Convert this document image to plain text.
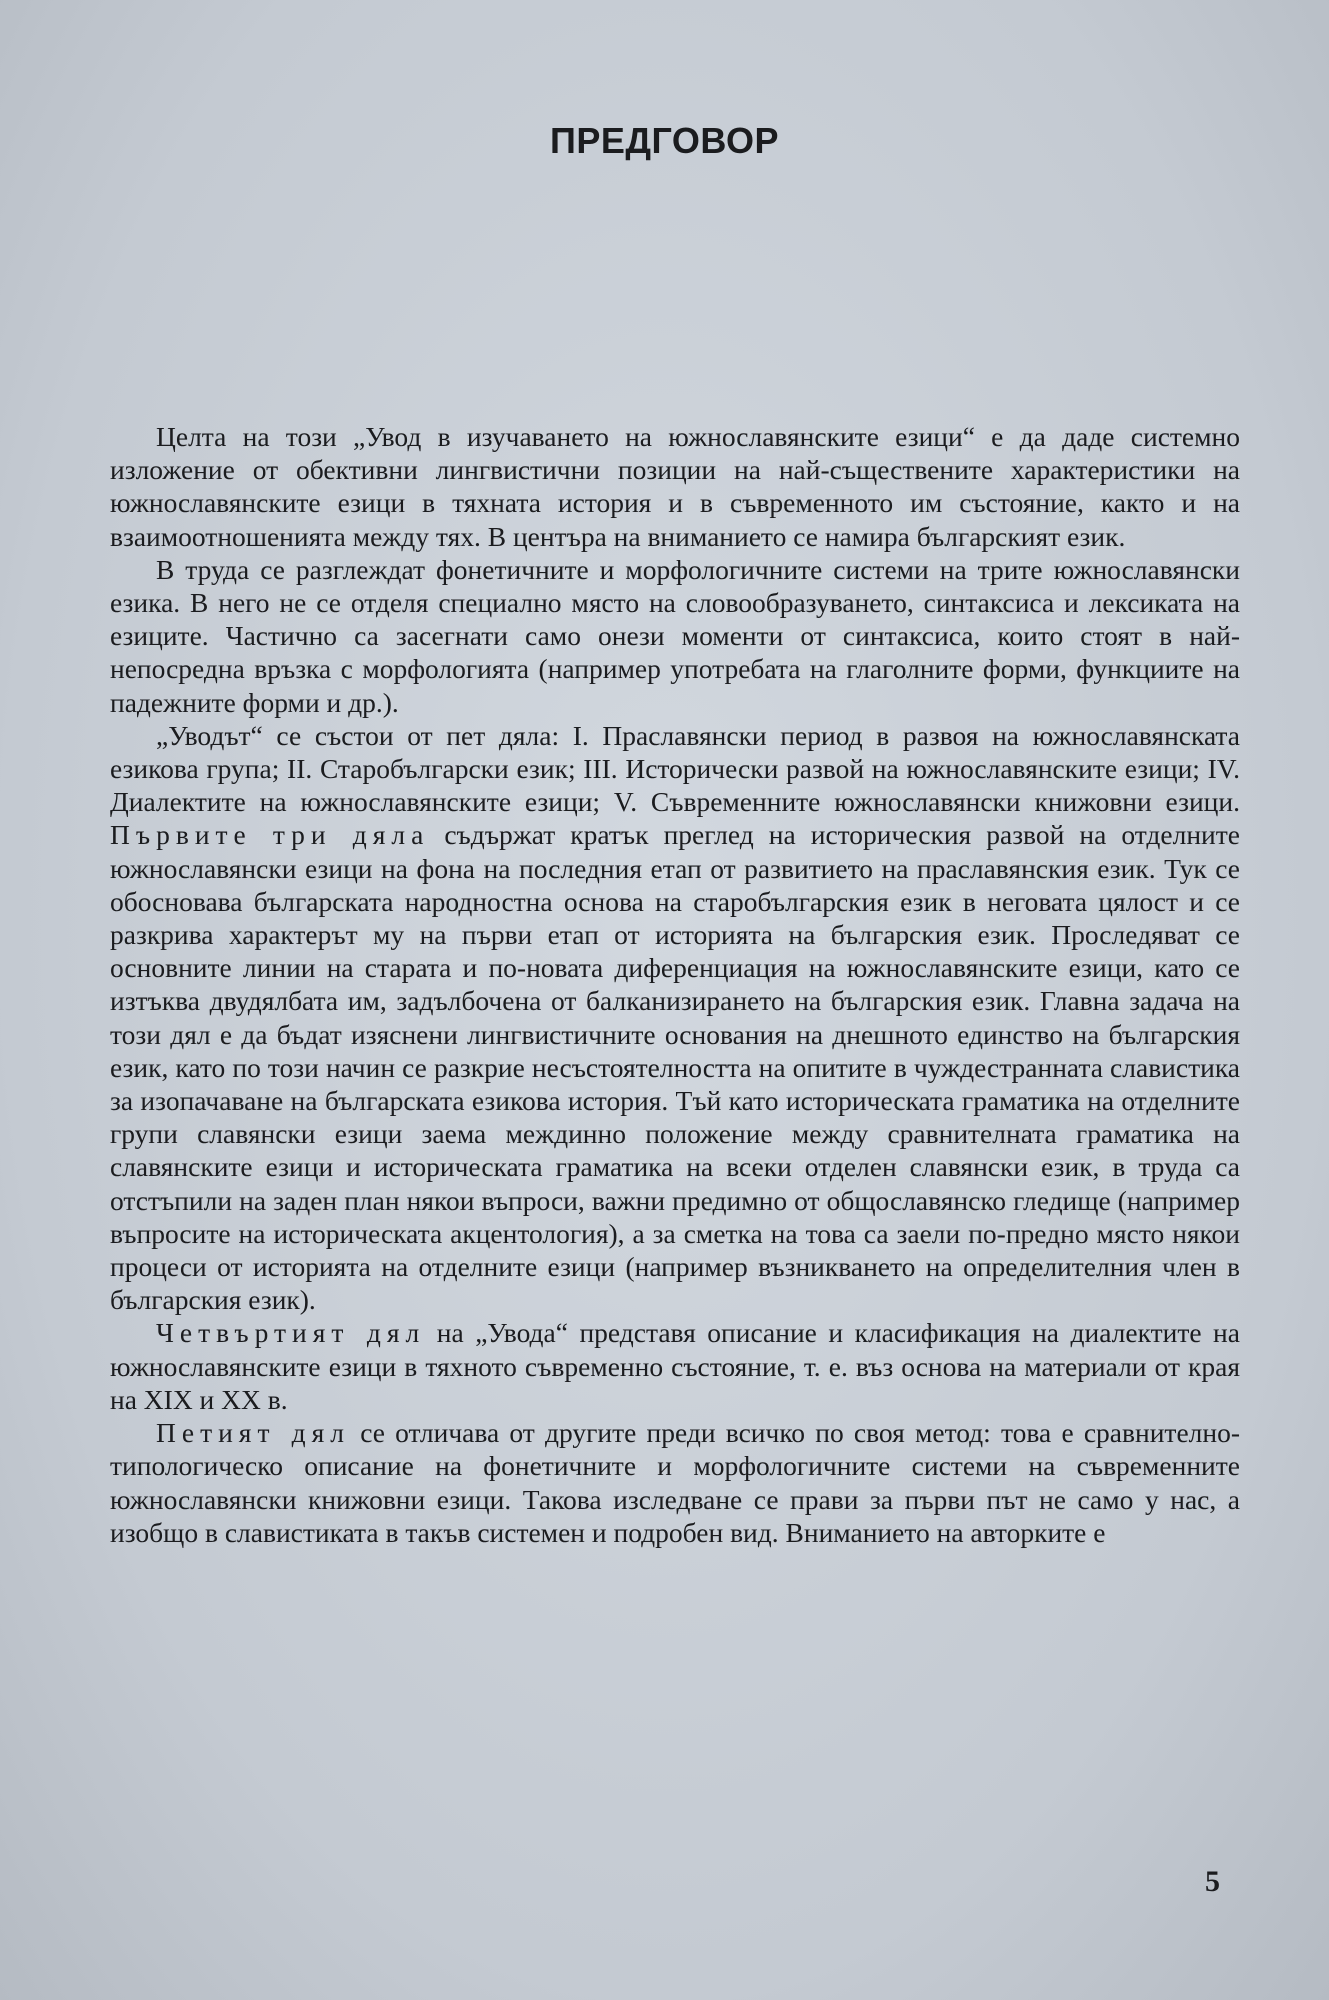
ПРЕДГОВОР

Целта на този „Увод в изучаването на южнославянските езици“ е да даде системно изложение от обективни лингвистични позиции на най-съществените характеристики на южнославянските езици в тяхната история и в съвременното им състояние, както и на взаимоотношенията между тях. В центъра на вниманието се намира българският език.

В труда се разглеждат фонетичните и морфологичните системи на трите южнославянски езика. В него не се отделя специално място на словообразуването, синтаксиса и лексиката на езиците. Частично са засегнати само онези моменти от синтаксиса, които стоят в най-непосредна връзка с морфологията (например употребата на глаголните форми, функциите на падежните форми и др.).

„Уводът“ се състои от пет дяла: I. Праславянски период в развоя на южнославянската езикова група; II. Старобългарски език; III. Исторически развой на южнославянските езици; IV. Диалектите на южнославянските езици; V. Съвременните южнославянски книжовни езици. Първите три дяла съдържат кратък преглед на историческия развой на отделните южнославянски езици на фона на последния етап от развитието на праславянския език. Тук се обосновава българската народностна основа на старобългарския език в неговата цялост и се разкрива характерът му на първи етап от историята на българския език. Проследяват се основните линии на старата и по-новата диференциация на южнославянските езици, като се изтъква двудялбата им, задълбочена от балканизирането на българския език. Главна задача на този дял е да бъдат изяснени лингвистичните основания на днешното единство на българския език, като по този начин се разкрие несъстоятелността на опитите в чуждестранната славистика за изопачаване на българската езикова история. Тъй като историческата граматика на отделните групи славянски езици заема междинно положение между сравнителната граматика на славянските езици и историческата граматика на всеки отделен славянски език, в труда са отстъпили на заден план някои въпроси, важни предимно от общославянско гледище (например въпросите на историческата акцентология), а за сметка на това са заели по-предно място някои процеси от историята на отделните езици (например възникването на определителния член в българския език).

Четвъртият дял на „Увода“ представя описание и класификация на диалектите на южнославянските езици в тяхното съвременно състояние, т. е. въз основа на материали от края на XIX и XX в.

Петият дял се отличава от другите преди всичко по своя метод: това е сравнително-типологическо описание на фонетичните и морфологичните системи на съвременните южнославянски книжовни езици. Такова изследване се прави за първи път не само у нас, а изобщо в славистиката в такъв системен и подробен вид. Вниманието на авторките е

5
